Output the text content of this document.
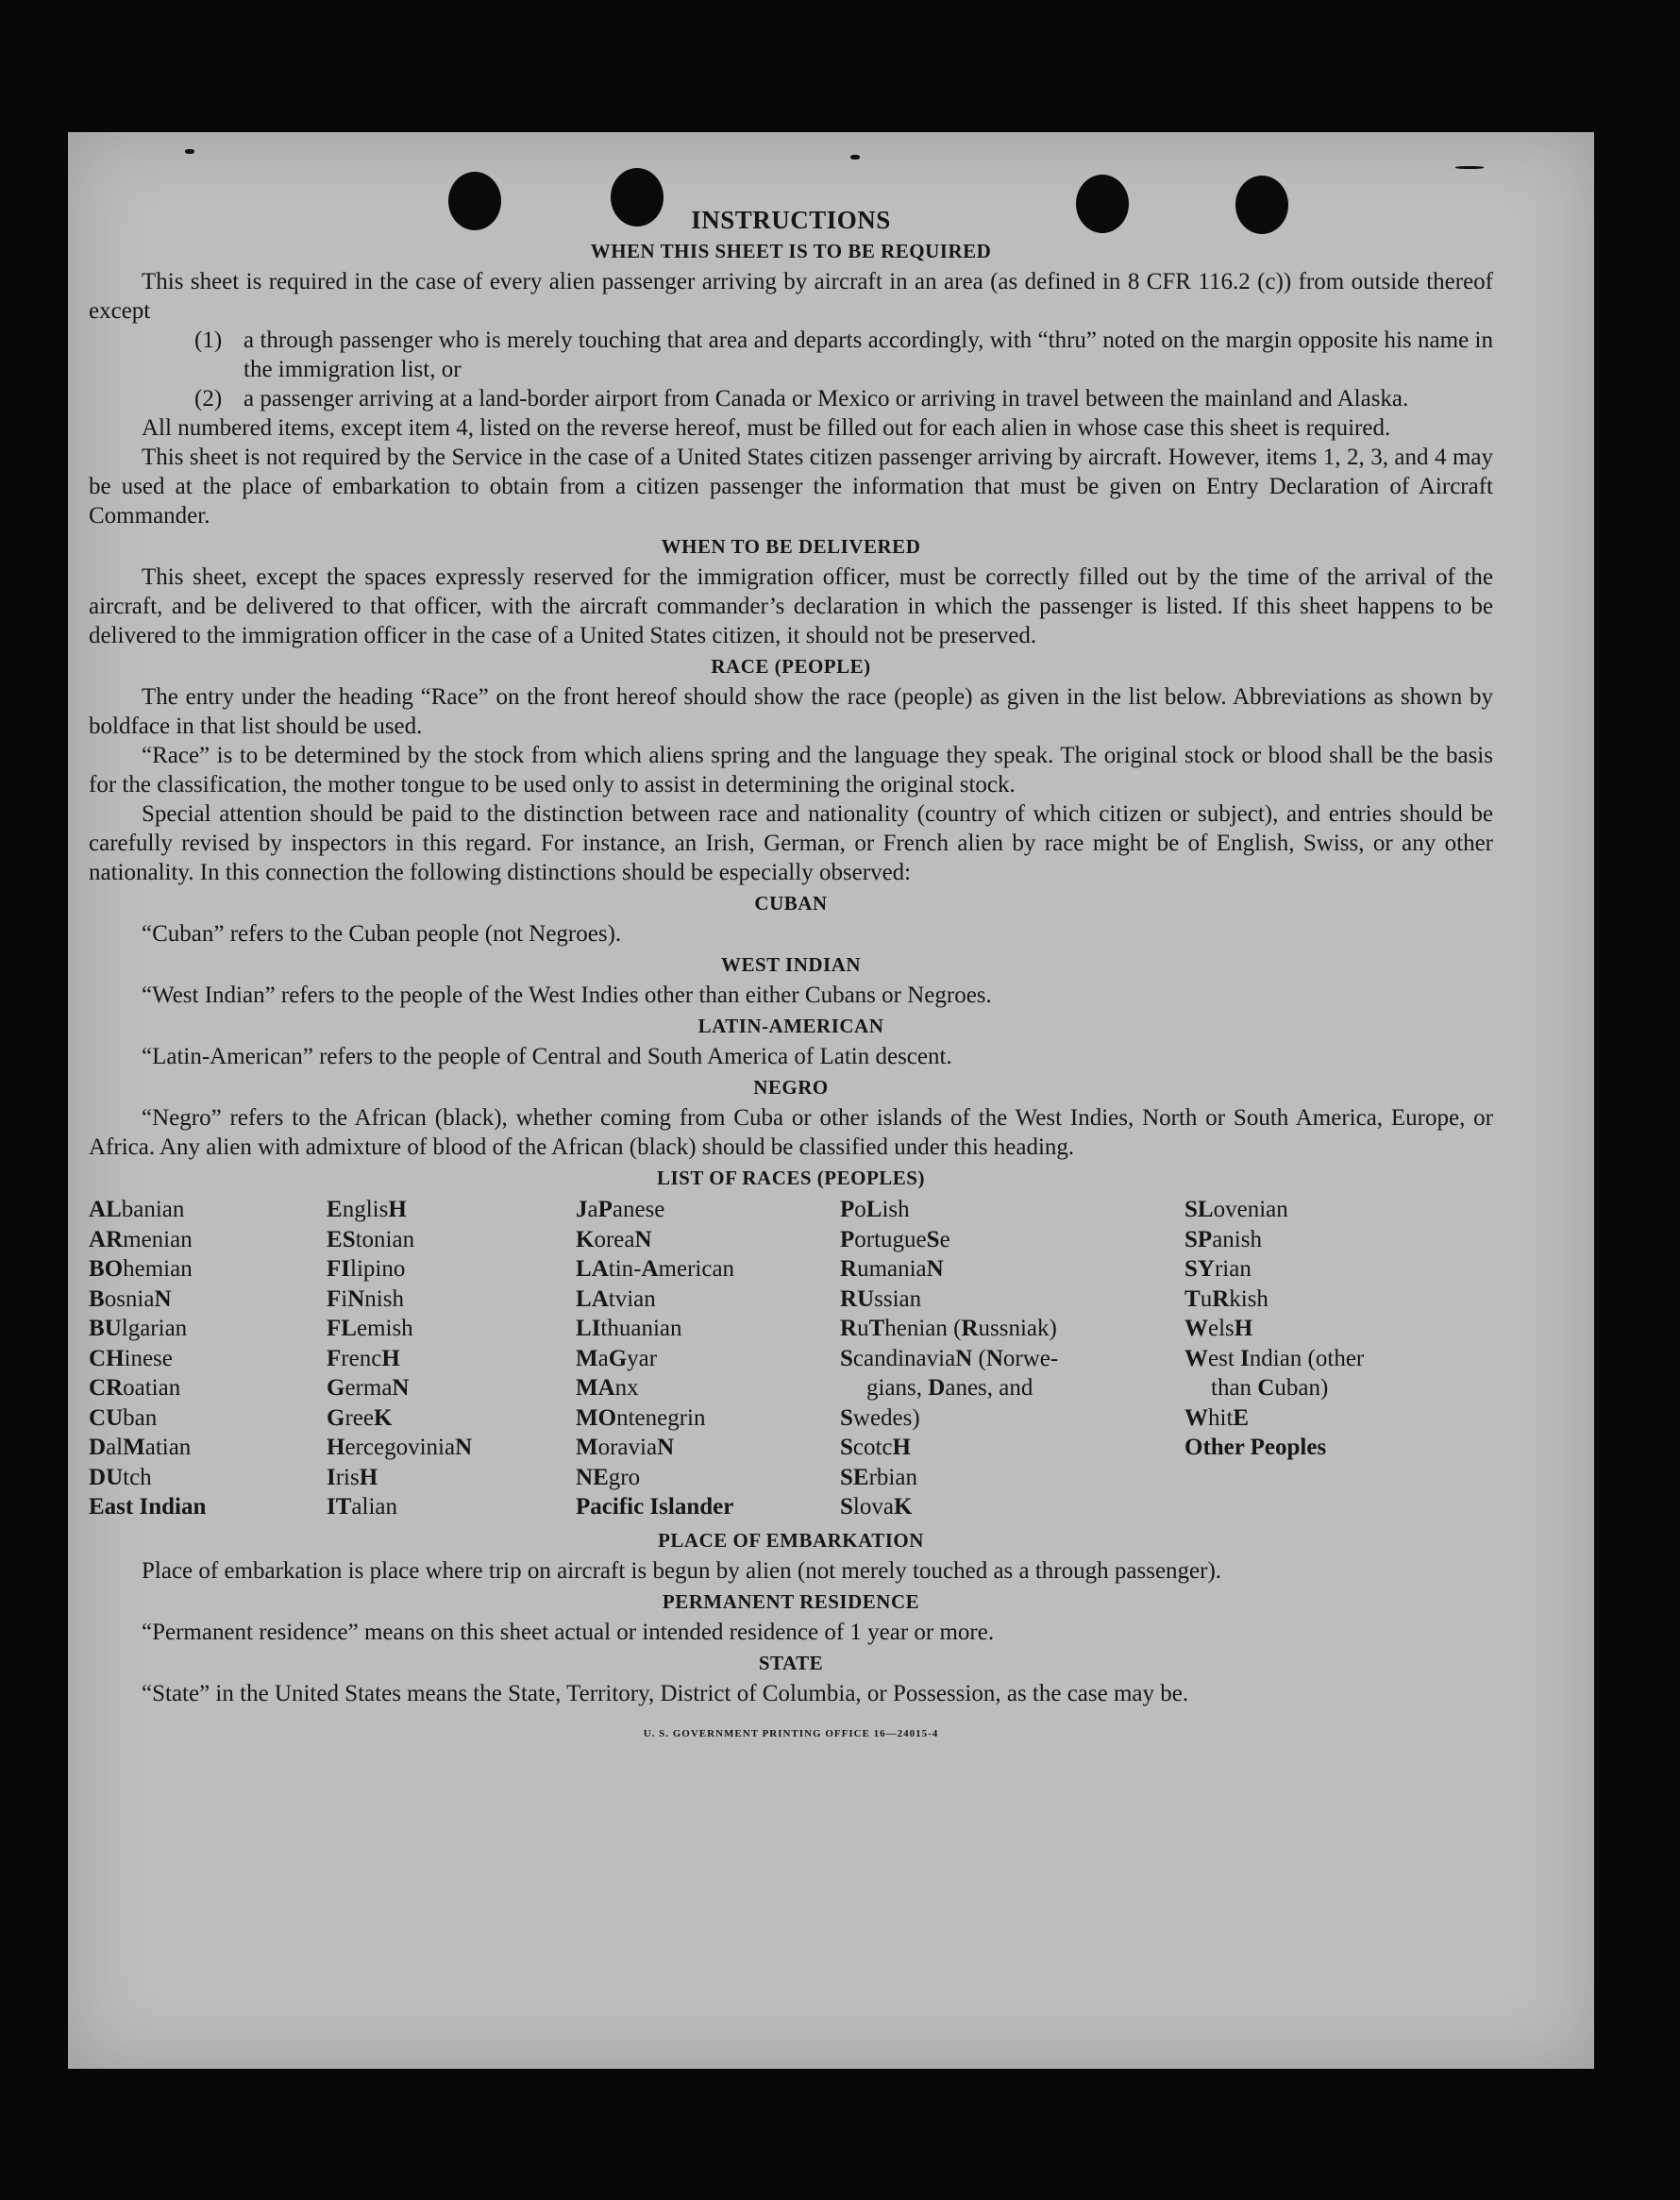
INSTRUCTIONS
WHEN THIS SHEET IS TO BE REQUIRED

This sheet is required in the case of every alien passenger arriving by aircraft in an area (as defined in 8 CFR 116.2 (c)) from outside thereof except

(1) a through passenger who is merely touching that area and departs accordingly, with “thru” noted on the margin opposite his name in the immigration list, or
(2) a passenger arriving at a land-border airport from Canada or Mexico or arriving in travel between the mainland and Alaska.

All numbered items, except item 4, listed on the reverse hereof, must be filled out for each alien in whose case this sheet is required.

This sheet is not required by the Service in the case of a United States citizen passenger arriving by aircraft. However, items 1, 2, 3, and 4 may be used at the place of embarkation to obtain from a citizen passenger the information that must be given on Entry Declaration of Aircraft Commander.

WHEN TO BE DELIVERED

This sheet, except the spaces expressly reserved for the immigration officer, must be correctly filled out by the time of the arrival of the aircraft, and be delivered to that officer, with the aircraft commander’s declaration in which the passenger is listed. If this sheet happens to be delivered to the immigration officer in the case of a United States citizen, it should not be preserved.

RACE (PEOPLE)

The entry under the heading “Race” on the front hereof should show the race (people) as given in the list below. Abbreviations as shown by boldface in that list should be used.

“Race” is to be determined by the stock from which aliens spring and the language they speak. The original stock or blood shall be the basis for the classification, the mother tongue to be used only to assist in determining the original stock.

Special attention should be paid to the distinction between race and nationality (country of which citizen or subject), and entries should be carefully revised by inspectors in this regard. For instance, an Irish, German, or French alien by race might be of English, Swiss, or any other nationality. In this connection the following distinctions should be especially observed:

CUBAN

“Cuban” refers to the Cuban people (not Negroes).

WEST INDIAN

“West Indian” refers to the people of the West Indies other than either Cubans or Negroes.

LATIN-AMERICAN

“Latin-American” refers to the people of Central and South America of Latin descent.

NEGRO

“Negro” refers to the African (black), whether coming from Cuba or other islands of the West Indies, North or South America, Europe, or Africa. Any alien with admixture of blood of the African (black) should be classified under this heading.

LIST OF RACES (PEOPLES)
ALbanian
ARmenian
BOhemian
BosniaN
BUlgarian
CHinese
CRoatian
CUban
DalMatian
DUtch
East Indian
EnglisH
EStonian
FIlipino
FiNnish
FLemish
FrencH
GermaN
GreeK
HercegoviniaN
IrisH
ITalian
JaPanese
KoreaN
LAtin-American
LAtvian
LIthuanian
MaGyar
MAnx
MOntenegrin
MoraviaN
NEgro
Pacific Islander
PoLish
PortugueSe
RumaniaN
RUssian
RuThenian (Russniak)
ScandinaviaN (Norwe-
gians, Danes, and
Swedes)
ScotcH
SErbian
SlovaK
SLovenian
SPanish
SYrian
TuRkish
WelsH
West Indian (other
than Cuban)
WhitE
Other Peoples
PLACE OF EMBARKATION

Place of embarkation is place where trip on aircraft is begun by alien (not merely touched as a through passenger).

PERMANENT RESIDENCE

“Permanent residence” means on this sheet actual or intended residence of 1 year or more.

STATE

“State” in the United States means the State, Territory, District of Columbia, or Possession, as the case may be.

U. S. GOVERNMENT PRINTING OFFICE 16—24015-4
